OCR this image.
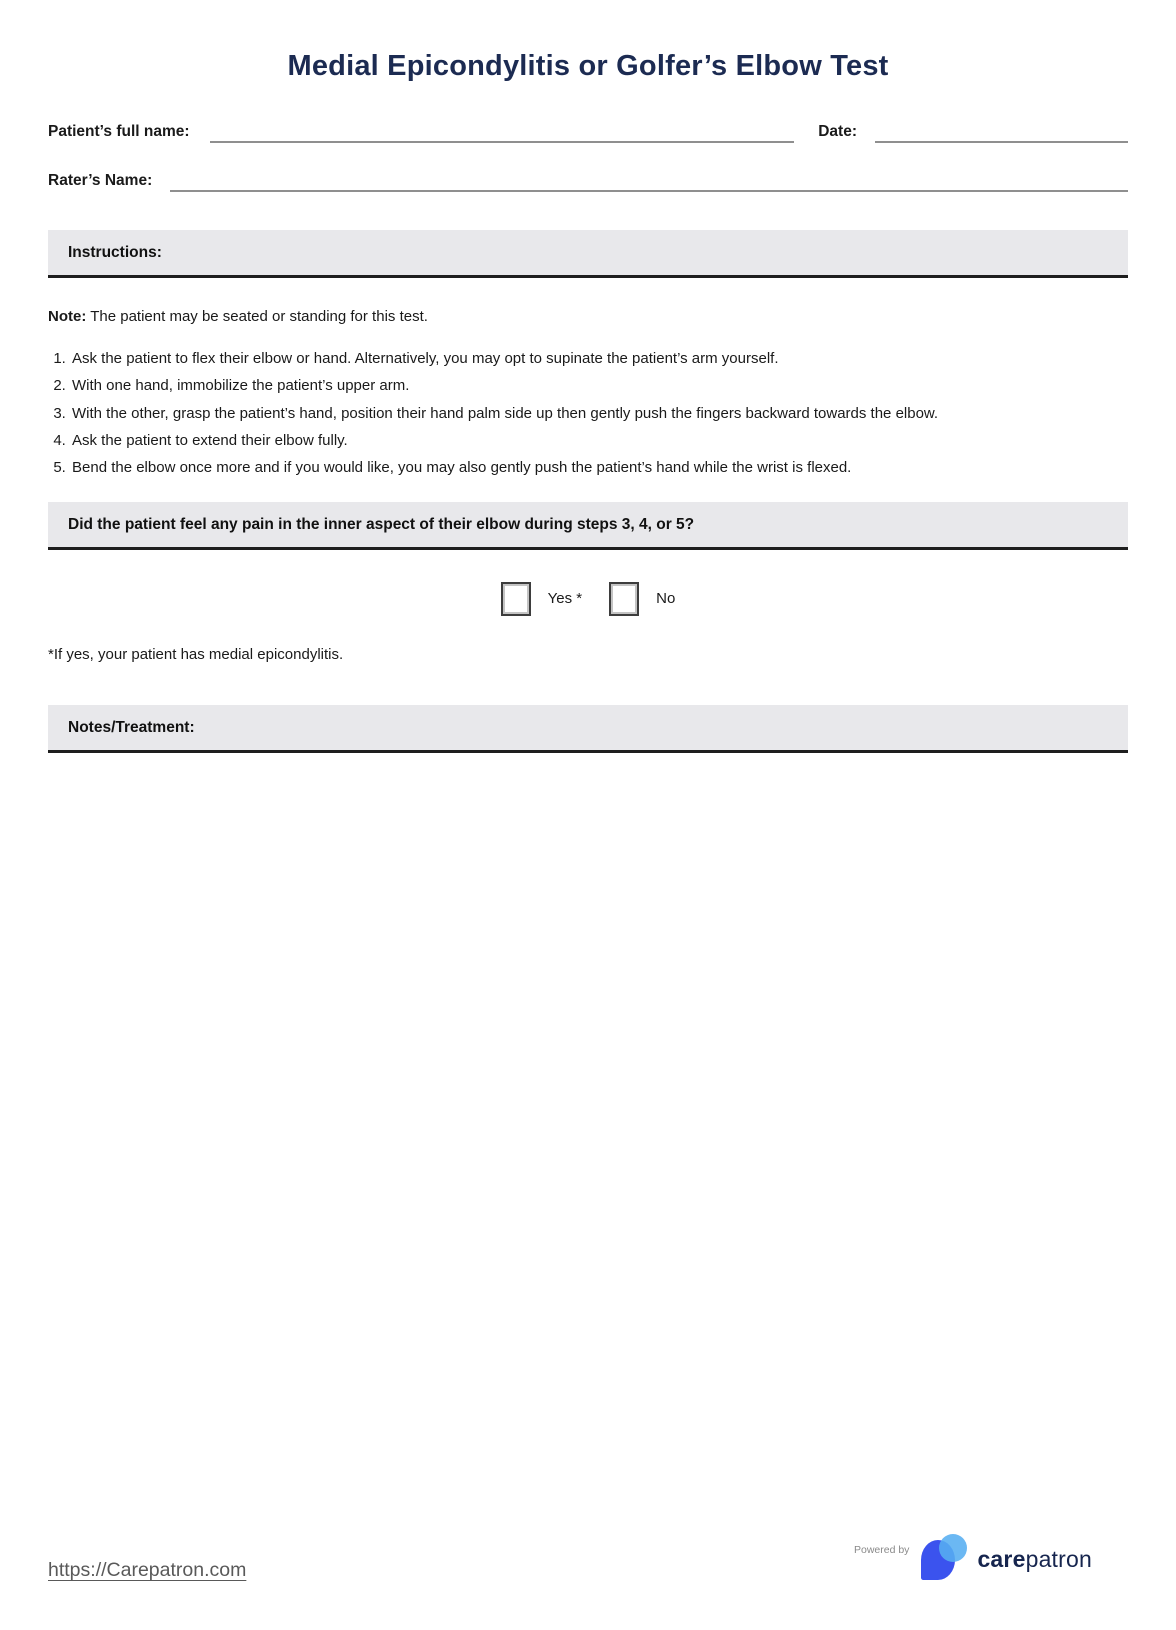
Medial Epicondylitis or Golfer’s Elbow Test
Patient’s full name:	Date:
Rater’s Name:
Instructions:

Note: The patient may be seated or standing for this test.

1. Ask the patient to flex their elbow or hand. Alternatively, you may opt to supinate the patient’s arm yourself.
2. With one hand, immobilize the patient’s upper arm.
3. With the other, grasp the patient’s hand, position their hand palm side up then gently push the fingers backward towards the elbow.
4. Ask the patient to extend their elbow fully.
5. Bend the elbow once more and if you would like, you may also gently push the patient’s hand while the wrist is flexed.
Did the patient feel any pain in the inner aspect of their elbow during steps 3, 4, or 5?
Yes *	No

*If yes, your patient has medial epicondylitis.

Notes/Treatment:
https://Carepatron.com
Powered by	carepatron
